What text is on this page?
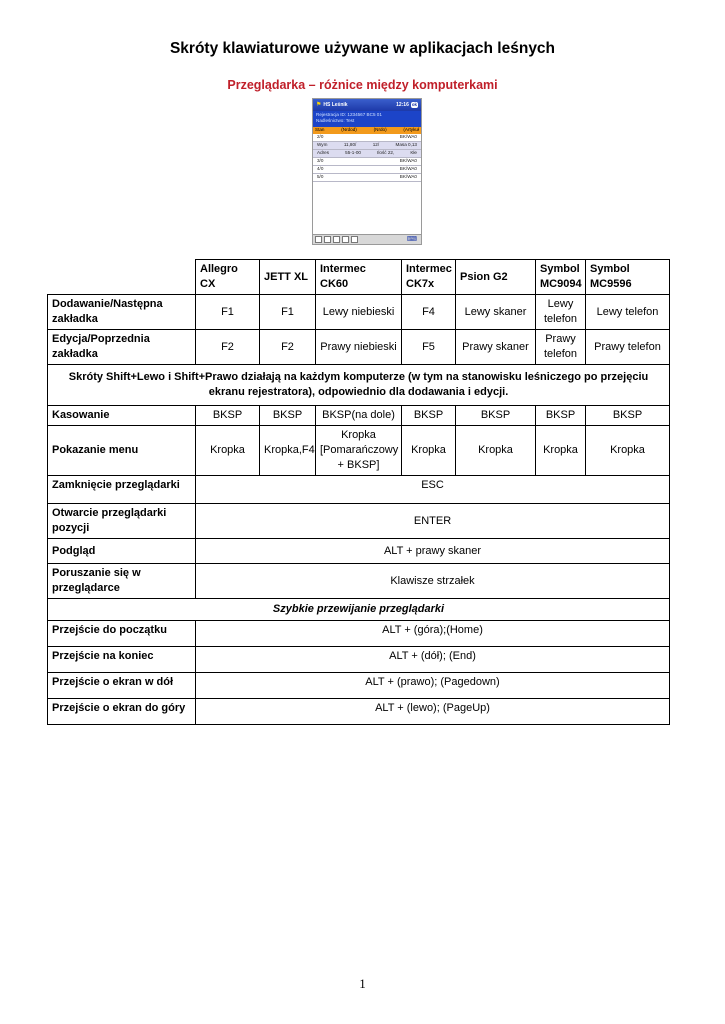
Skróty klawiaturowe używane w aplikacjach leśnych
Przeglądarka – różnice między komputerkami
⚑ HS Leśnik	12:16 ok
Rejestracja ID: 1234567 BC5 01
Nadleśnictwo: Test
Stan	(Nrdod)	(Nrdo)	(Artykuł
2/0	BK/WA0
Wym	11,80/	12/	Masa 0,13
Adres	55-1-00	Ilość 22,	Kłe
3/0	BK/WA0
4/0	BK/WA0
5/0	BK/WA0
⌨
	Allegro CX	JETT XL	Intermec CK60	Intermec CK7x	Psion G2	Symbol MC9094	Symbol MC9596
Dodawanie/Następna zakładka	F1	F1	Lewy niebieski	F4	Lewy skaner	Lewy telefon	Lewy telefon
Edycja/Poprzednia zakładka	F2	F2	Prawy niebieski	F5	Prawy skaner	Prawy telefon	Prawy telefon
Skróty Shift+Lewo i Shift+Prawo działają na każdym komputerze (w tym na stanowisku leśniczego po przejęciu ekranu rejestratora), odpowiednio dla dodawania i edycji.							
Kasowanie	BKSP	BKSP	BKSP(na dole)	BKSP	BKSP	BKSP	BKSP
Pokazanie menu	Kropka	Kropka,F4	Kropka [Pomarańczowy + BKSP]	Kropka	Kropka	Kropka	Kropka
Zamknięcie przeglądarki	ESC						
Otwarcie przeglądarki pozycji	ENTER						
Podgląd	ALT + prawy skaner						
Poruszanie się w przeglądarce	Klawisze strzałek						
Szybkie przewijanie przeglądarki							
Przejście do początku	ALT + (góra);(Home)						
Przejście na koniec	ALT + (dół); (End)						
Przejście o ekran w dół	ALT + (prawo); (Pagedown)						
Przejście o ekran do góry	ALT + (lewo); (PageUp)						

1
